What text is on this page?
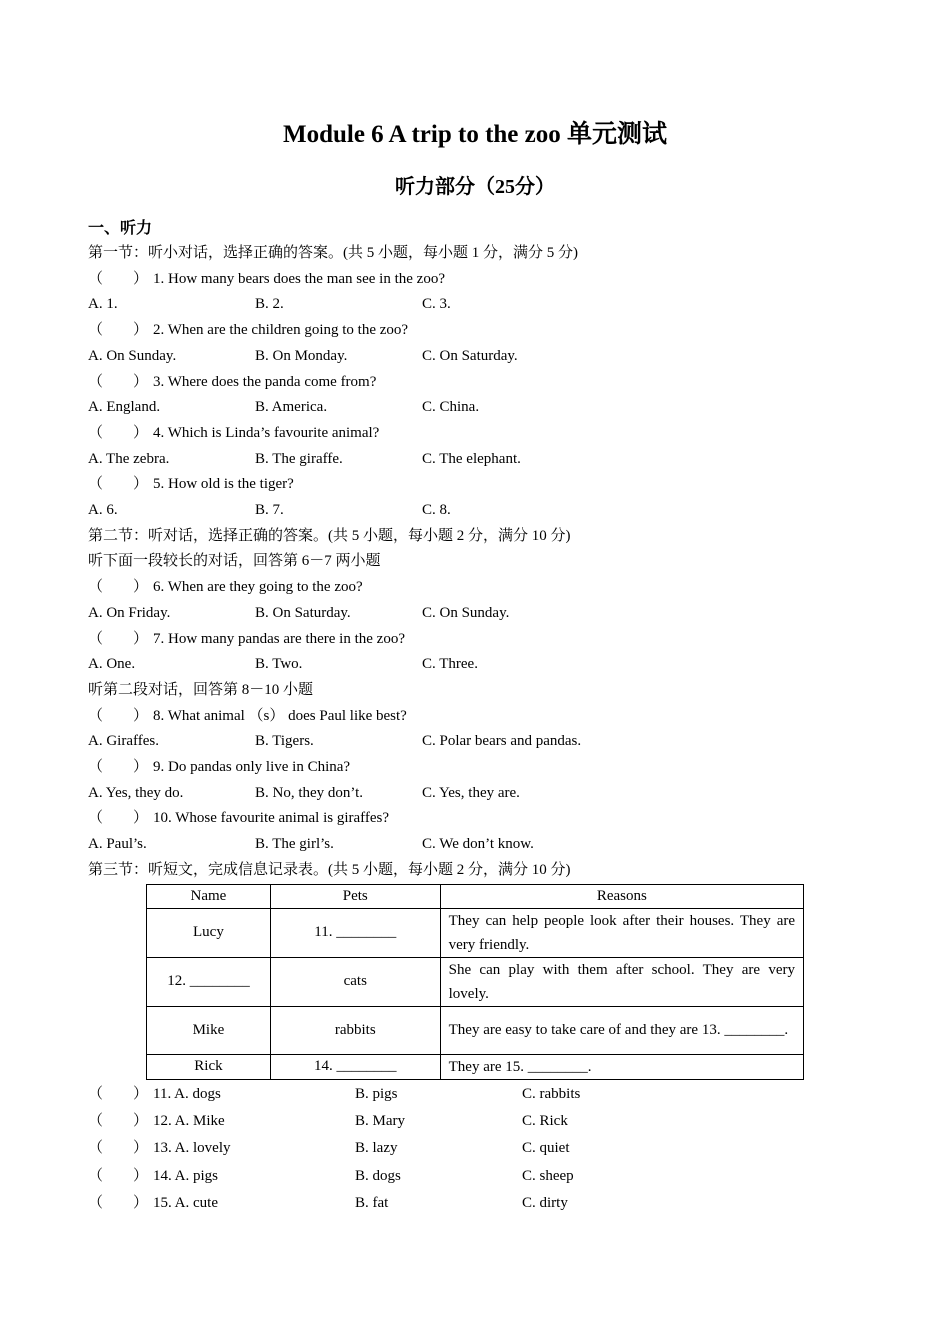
Module 6 A trip to the zoo 单元测试
听力部分（25分）
一、听力
第一节：听小对话，选择正确的答案。(共 5 小题，每小题 1 分，满分 5 分)
（　　） 1. How many bears does the man see in the zoo?
A. 1.	B. 2.	C. 3.
（　　） 2. When are the children going to the zoo?
A. On Sunday.	B. On Monday.	C. On Saturday.
（　　） 3. Where does the panda come from?
A. England.	B. America.	C. China.
（　　） 4. Which is Linda’s favourite animal?
A. The zebra.	B. The giraffe.	C. The elephant.
（　　） 5. How old is the tiger?
A. 6.	B. 7.	C. 8.
第二节：听对话，选择正确的答案。(共 5 小题，每小题 2 分，满分 10 分)
听下面一段较长的对话，回答第 6－7 两小题
（　　） 6. When are they going to the zoo?
A. On Friday.	B. On Saturday.	C. On Sunday.
（　　） 7. How many pandas are there in the zoo?
A. One.	B. Two.	C. Three.
听第二段对话，回答第 8－10 小题
（　　） 8. What animal （s） does Paul like best?
A. Giraffes.	B. Tigers.	C. Polar bears and pandas.
（　　） 9. Do pandas only live in China?
A. Yes, they do.	B. No, they don’t.	C. Yes, they are.
（　　） 10. Whose favourite animal is giraffes?
A. Paul’s.	B. The girl’s.	C. We don’t know.
第三节：听短文，完成信息记录表。(共 5 小题，每小题 2 分，满分 10 分)
Name	Pets	Reasons
Lucy	11. ________	They can help people look after their houses. They are very friendly.
12. ________	cats	She can play with them after school. They are very lovely.
Mike	rabbits	They are easy to take care of and they are 13. ________.
Rick	14. ________	They are 15. ________.
（　　） 11. A. dogs	B. pigs	C. rabbits
（　　） 12. A. Mike	B. Mary	C. Rick
（　　） 13. A. lovely	B. lazy	C. quiet
（　　） 14. A. pigs	B. dogs	C. sheep
（　　） 15. A. cute	B. fat	C. dirty
